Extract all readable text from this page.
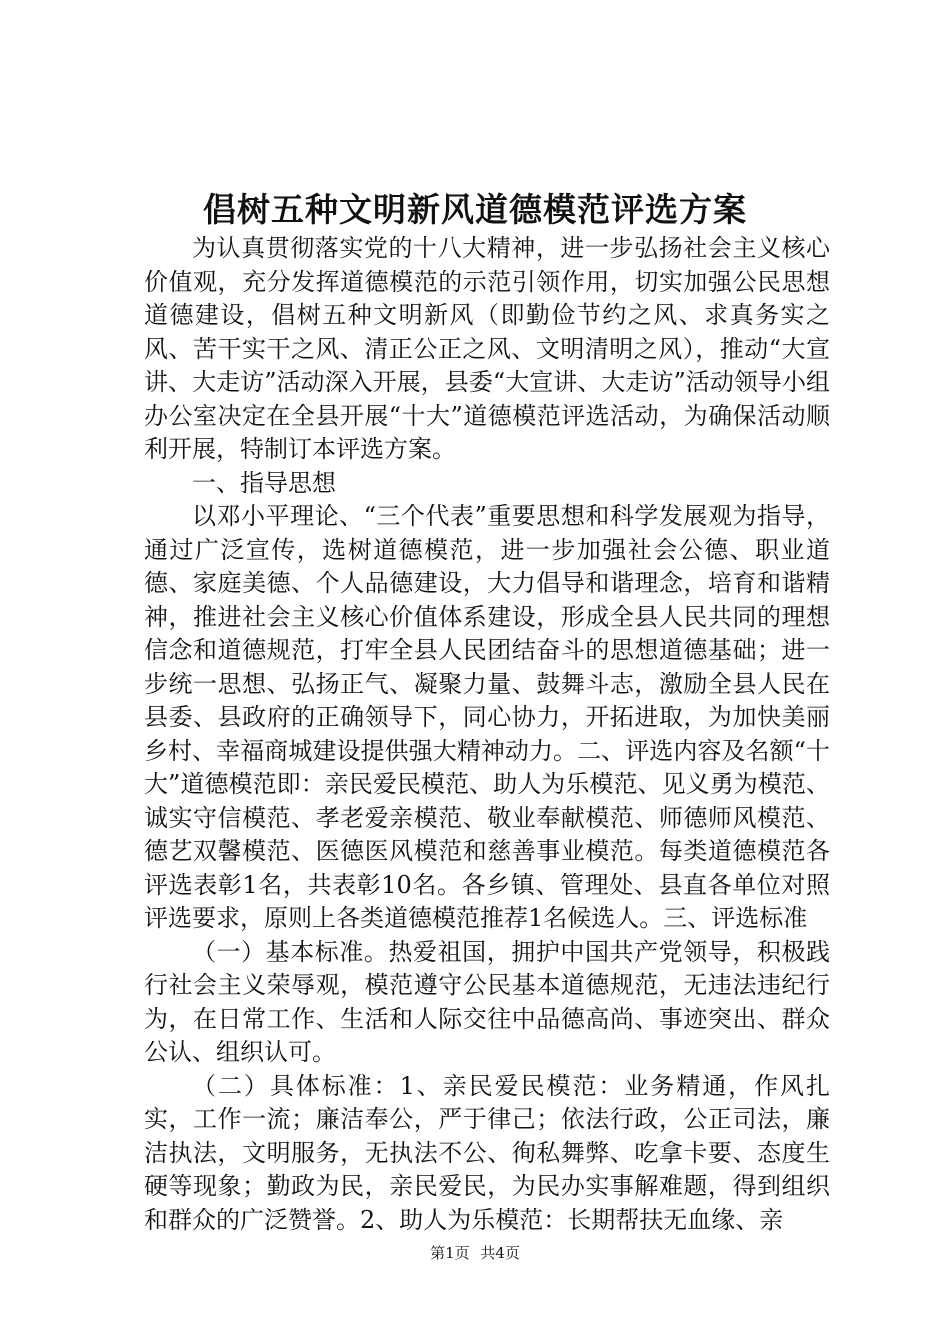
倡树五种文明新风道德模范评选方案

为认真贯彻落实党的十八大精神，进一步弘扬社会主义核心价值观，充分发挥道德模范的示范引领作用，切实加强公民思想道德建设，倡树五种文明新风（即勤俭节约之风、求真务实之风、苦干实干之风、清正公正之风、文明清明之风），推动“大宣讲、大走访”活动深入开展，县委“大宣讲、大走访”活动领导小组办公室决定在全县开展“十大”道德模范评选活动，为确保活动顺利开展，特制订本评选方案。

一、指导思想

以邓小平理论、“三个代表”重要思想和科学发展观为指导，通过广泛宣传，选树道德模范，进一步加强社会公德、职业道德、家庭美德、个人品德建设，大力倡导和谐理念，培育和谐精神，推进社会主义核心价值体系建设，形成全县人民共同的理想信念和道德规范，打牢全县人民团结奋斗的思想道德基础；进一步统一思想、弘扬正气、凝聚力量、鼓舞斗志，激励全县人民在县委、县政府的正确领导下，同心协力，开拓进取，为加快美丽乡村、幸福商城建设提供强大精神动力。二、评选内容及名额“十大”道德模范即：亲民爱民模范、助人为乐模范、见义勇为模范、诚实守信模范、孝老爱亲模范、敬业奉献模范、师德师风模范、德艺双馨模范、医德医风模范和慈善事业模范。每类道德模范各评选表彰1名，共表彰10名。各乡镇、管理处、县直各单位对照评选要求，原则上各类道德模范推荐1名候选人。三、评选标准

（一）基本标准。热爱祖国，拥护中国共产党领导，积极践行社会主义荣辱观，模范遵守公民基本道德规范，无违法违纪行为，在日常工作、生活和人际交往中品德高尚、事迹突出、群众公认、组织认可。

（二）具体标准：1、亲民爱民模范：业务精通，作风扎实，工作一流；廉洁奉公，严于律己；依法行政，公正司法，廉洁执法，文明服务，无执法不公、徇私舞弊、吃拿卡要、态度生硬等现象；勤政为民，亲民爱民，为民办实事解难题，得到组织和群众的广泛赞誉。2、助人为乐模范：长期帮扶无血缘、亲

第1页 共4页
